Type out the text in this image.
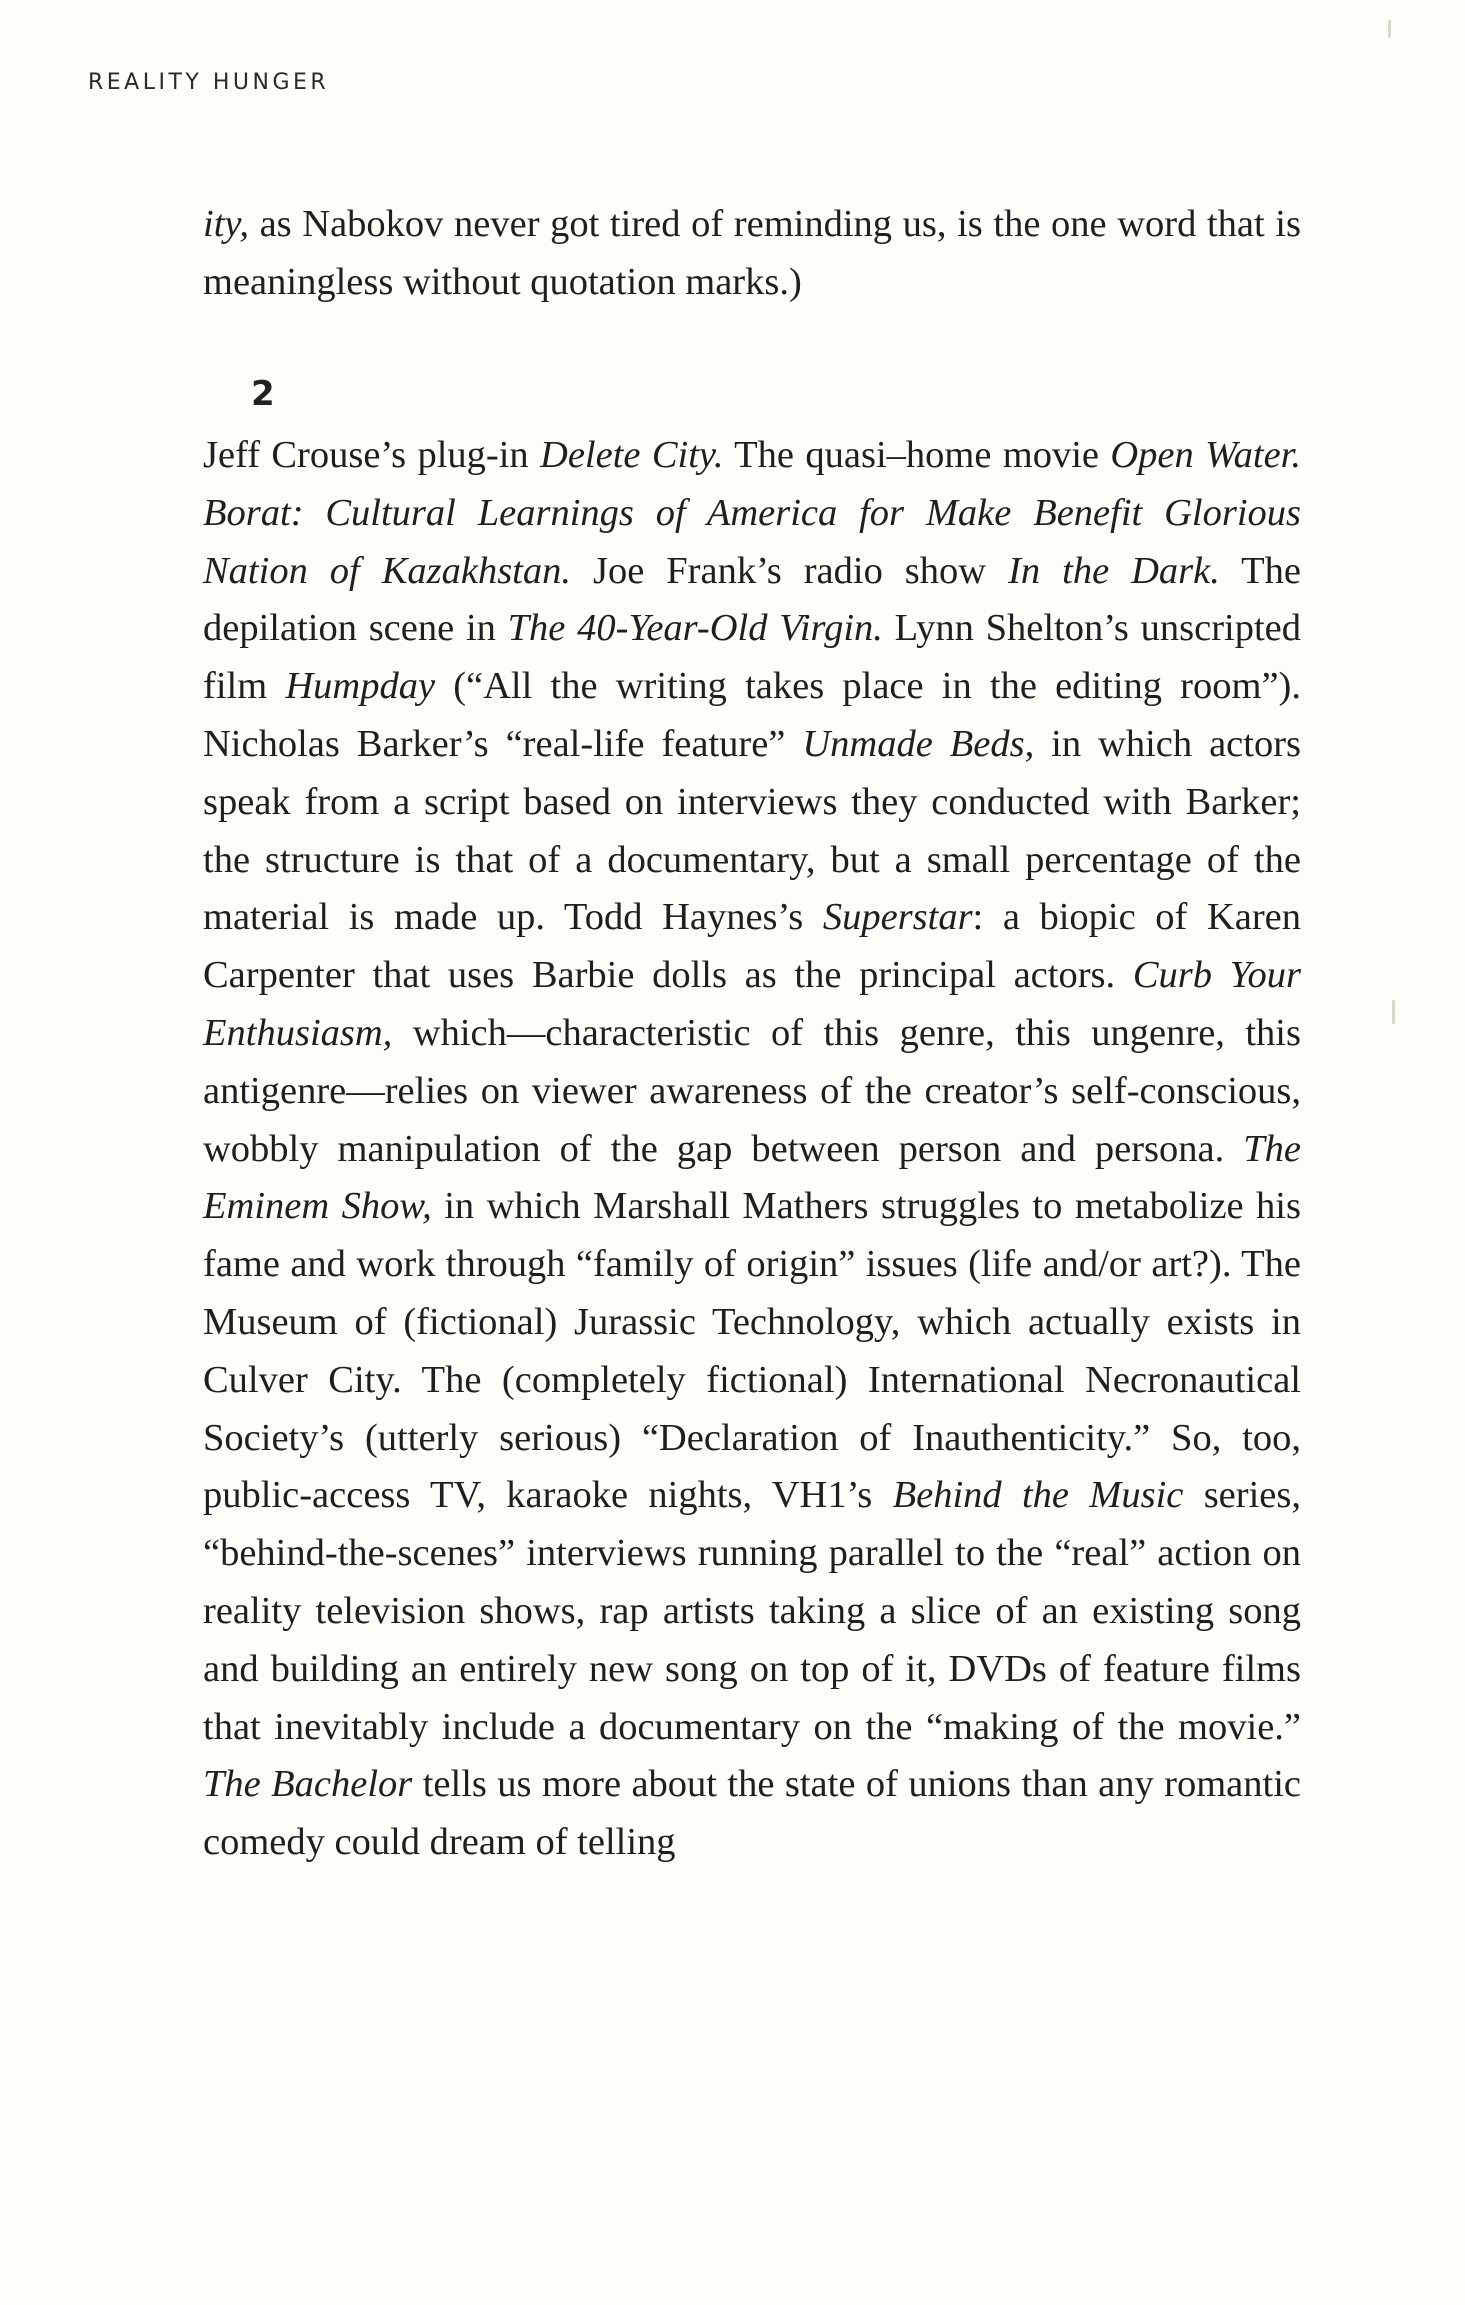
REALITY HUNGER

ity, as Nabokov never got tired of reminding us, is the one word that is meaningless without quotation marks.)

2

Jeff Crouse’s plug-in Delete City. The quasi–home movie Open Water. Borat: Cultural Learnings of America for Make Benefit Glorious Nation of Kazakhstan. Joe Frank’s radio show In the Dark. The depilation scene in The 40-Year-Old Virgin. Lynn Shelton’s unscripted film Humpday (“All the writing takes place in the editing room”). Nicholas Barker’s “real-life feature” Unmade Beds, in which actors speak from a script based on interviews they conducted with Barker; the structure is that of a documentary, but a small percentage of the material is made up. Todd Haynes’s Superstar: a biopic of Karen Carpenter that uses Barbie dolls as the principal actors. Curb Your Enthusiasm, which—characteristic of this genre, this ungenre, this antigenre—relies on viewer awareness of the creator’s self-conscious, wobbly manipulation of the gap between person and persona. The Eminem Show, in which Marshall Mathers struggles to metabolize his fame and work through “family of origin” issues (life and/or art?). The Museum of (fictional) Jurassic Technology, which actually exists in Culver City. The (completely fictional) International Necronautical Society’s (utterly serious) “Declaration of Inauthenticity.” So, too, public-access TV, karaoke nights, VH1’s Behind the Music series, “behind-the-scenes” interviews running parallel to the “real” action on reality television shows, rap artists taking a slice of an existing song and building an entirely new song on top of it, DVDs of feature films that inevitably include a documentary on the “making of the movie.” The Bachelor tells us more about the state of unions than any romantic comedy could dream of telling
